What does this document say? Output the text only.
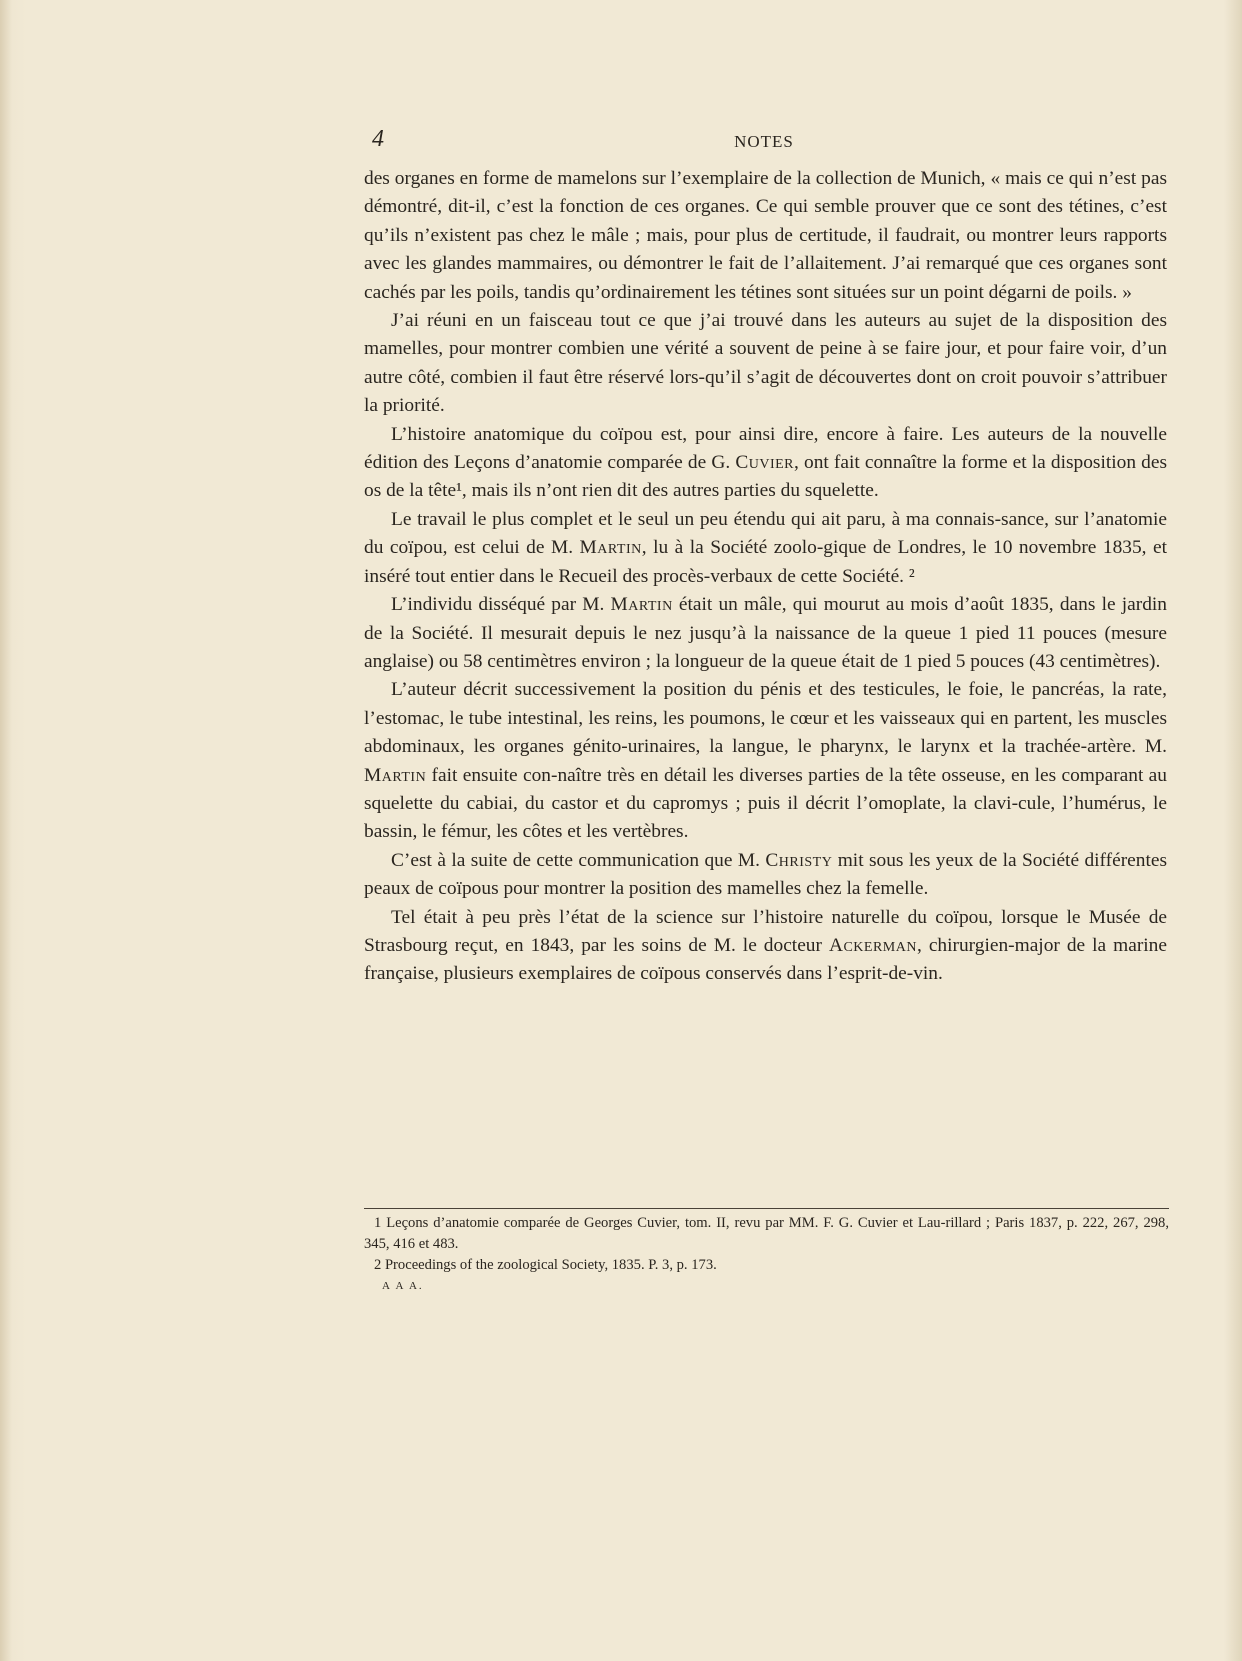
4	NOTES

des organes en forme de mamelons sur l’exemplaire de la collection de Munich, « mais ce qui n’est pas démontré, dit-il, c’est la fonction de ces organes. Ce qui semble prouver que ce sont des tétines, c’est qu’ils n’existent pas chez le mâle ; mais, pour plus de certitude, il faudrait, ou montrer leurs rapports avec les glandes mammaires, ou démontrer le fait de l’allaitement. J’ai remarqué que ces organes sont cachés par les poils, tandis qu’ordinairement les tétines sont situées sur un point dégarni de poils. »

J’ai réuni en un faisceau tout ce que j’ai trouvé dans les auteurs au sujet de la disposition des mamelles, pour montrer combien une vérité a souvent de peine à se faire jour, et pour faire voir, d’un autre côté, combien il faut être réservé lors-qu’il s’agit de découvertes dont on croit pouvoir s’attribuer la priorité.

L’histoire anatomique du coïpou est, pour ainsi dire, encore à faire. Les auteurs de la nouvelle édition des Leçons d’anatomie comparée de G. Cuvier, ont fait connaître la forme et la disposition des os de la tête¹, mais ils n’ont rien dit des autres parties du squelette.

Le travail le plus complet et le seul un peu étendu qui ait paru, à ma connais-sance, sur l’anatomie du coïpou, est celui de M. Martin, lu à la Société zoolo-gique de Londres, le 10 novembre 1835, et inséré tout entier dans le Recueil des procès-verbaux de cette Société. ²

L’individu disséqué par M. Martin était un mâle, qui mourut au mois d’août 1835, dans le jardin de la Société. Il mesurait depuis le nez jusqu’à la naissance de la queue 1 pied 11 pouces (mesure anglaise) ou 58 centimètres environ ; la longueur de la queue était de 1 pied 5 pouces (43 centimètres).

L’auteur décrit successivement la position du pénis et des testicules, le foie, le pancréas, la rate, l’estomac, le tube intestinal, les reins, les poumons, le cœur et les vaisseaux qui en partent, les muscles abdominaux, les organes génito-urinaires, la langue, le pharynx, le larynx et la trachée-artère. M. Martin fait ensuite con-naître très en détail les diverses parties de la tête osseuse, en les comparant au squelette du cabiai, du castor et du capromys ; puis il décrit l’omoplate, la clavi-cule, l’humérus, le bassin, le fémur, les côtes et les vertèbres.

C’est à la suite de cette communication que M. Christy mit sous les yeux de la Société différentes peaux de coïpous pour montrer la position des mamelles chez la femelle.

Tel était à peu près l’état de la science sur l’histoire naturelle du coïpou, lorsque le Musée de Strasbourg reçut, en 1843, par les soins de M. le docteur Ackerman, chirurgien-major de la marine française, plusieurs exemplaires de coïpous conservés dans l’esprit-de-vin.

1 Leçons d’anatomie comparée de Georges Cuvier, tom. II, revu par MM. F. G. Cuvier et Lau-rillard ; Paris 1837, p. 222, 267, 298, 345, 416 et 483.

2 Proceedings of the zoological Society, 1835. P. 3, p. 173.

A A A.
